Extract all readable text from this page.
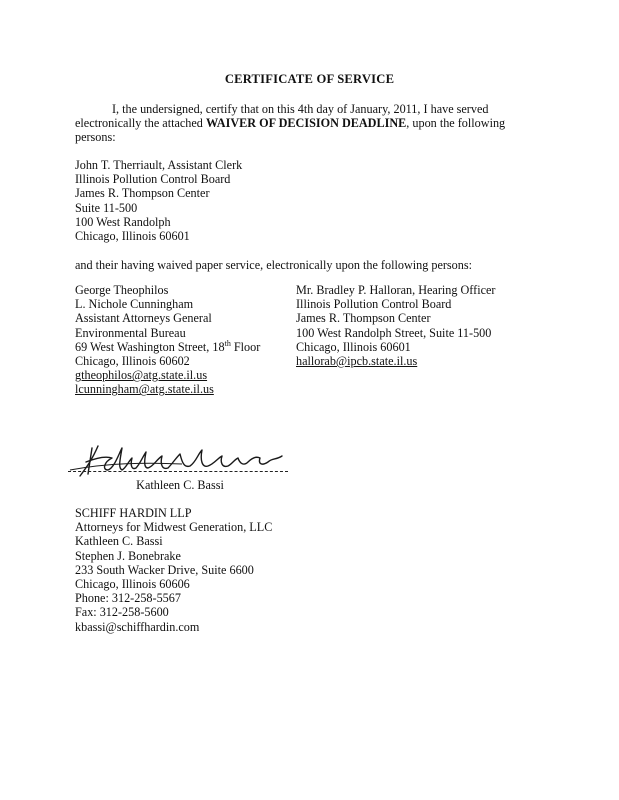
CERTIFICATE OF SERVICE
I, the undersigned, certify that on this 4th day of January, 2011, I have served electronically the attached WAIVER OF DECISION DEADLINE, upon the following persons:
John T. Therriault, Assistant Clerk
Illinois Pollution Control Board
James R. Thompson Center
Suite 11-500
100 West Randolph
Chicago, Illinois 60601
and their having waived paper service, electronically upon the following persons:
George Theophilos
L. Nichole Cunningham
Assistant Attorneys General
Environmental Bureau
69 West Washington Street, 18th Floor
Chicago, Illinois 60602
gtheophilos@atg.state.il.us
lcunningham@atg.state.il.us
Mr. Bradley P. Halloran, Hearing Officer
Illinois Pollution Control Board
James R. Thompson Center
100 West Randolph Street, Suite 11-500
Chicago, Illinois 60601
hallorab@ipcb.state.il.us
Kathleen C. Bassi
SCHIFF HARDIN LLP
Attorneys for Midwest Generation, LLC
Kathleen C. Bassi
Stephen J. Bonebrake
233 South Wacker Drive, Suite 6600
Chicago, Illinois 60606
Phone: 312-258-5567
Fax: 312-258-5600
kbassi@schiffhardin.com
